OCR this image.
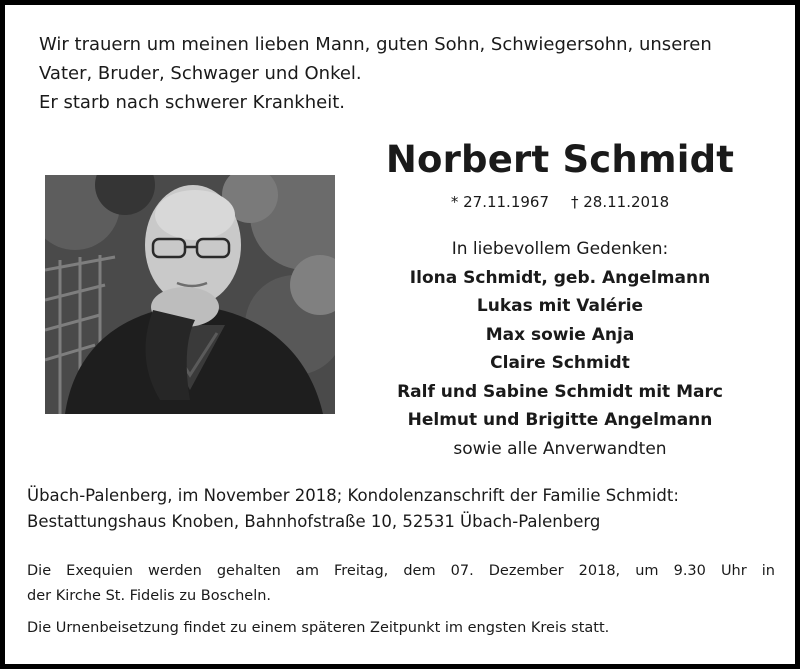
Wir trauern um meinen lieben Mann, guten Sohn, Schwiegersohn, unseren
Vater, Bruder, Schwager und Onkel.
Er starb nach schwerer Krankheit.
Norbert Schmidt
* 27.11.1967 † 28.11.2018
In liebevollem Gedenken:
Ilona Schmidt, geb. Angelmann
Lukas mit Valérie
Max sowie Anja
Claire Schmidt
Ralf und Sabine Schmidt mit Marc
Helmut und Brigitte Angelmann
sowie alle Anverwandten
Übach-Palenberg, im November 2018; Kondolenzanschrift der Familie Schmidt:
Bestattungshaus Knoben, Bahnhofstraße 10, 52531 Übach-Palenberg
Die Exequien werden gehalten am Freitag, dem 07. Dezember 2018, um 9.30 Uhr in
der Kirche St. Fidelis zu Boscheln.
Die Urnenbeisetzung findet zu einem späteren Zeitpunkt im engsten Kreis statt.
